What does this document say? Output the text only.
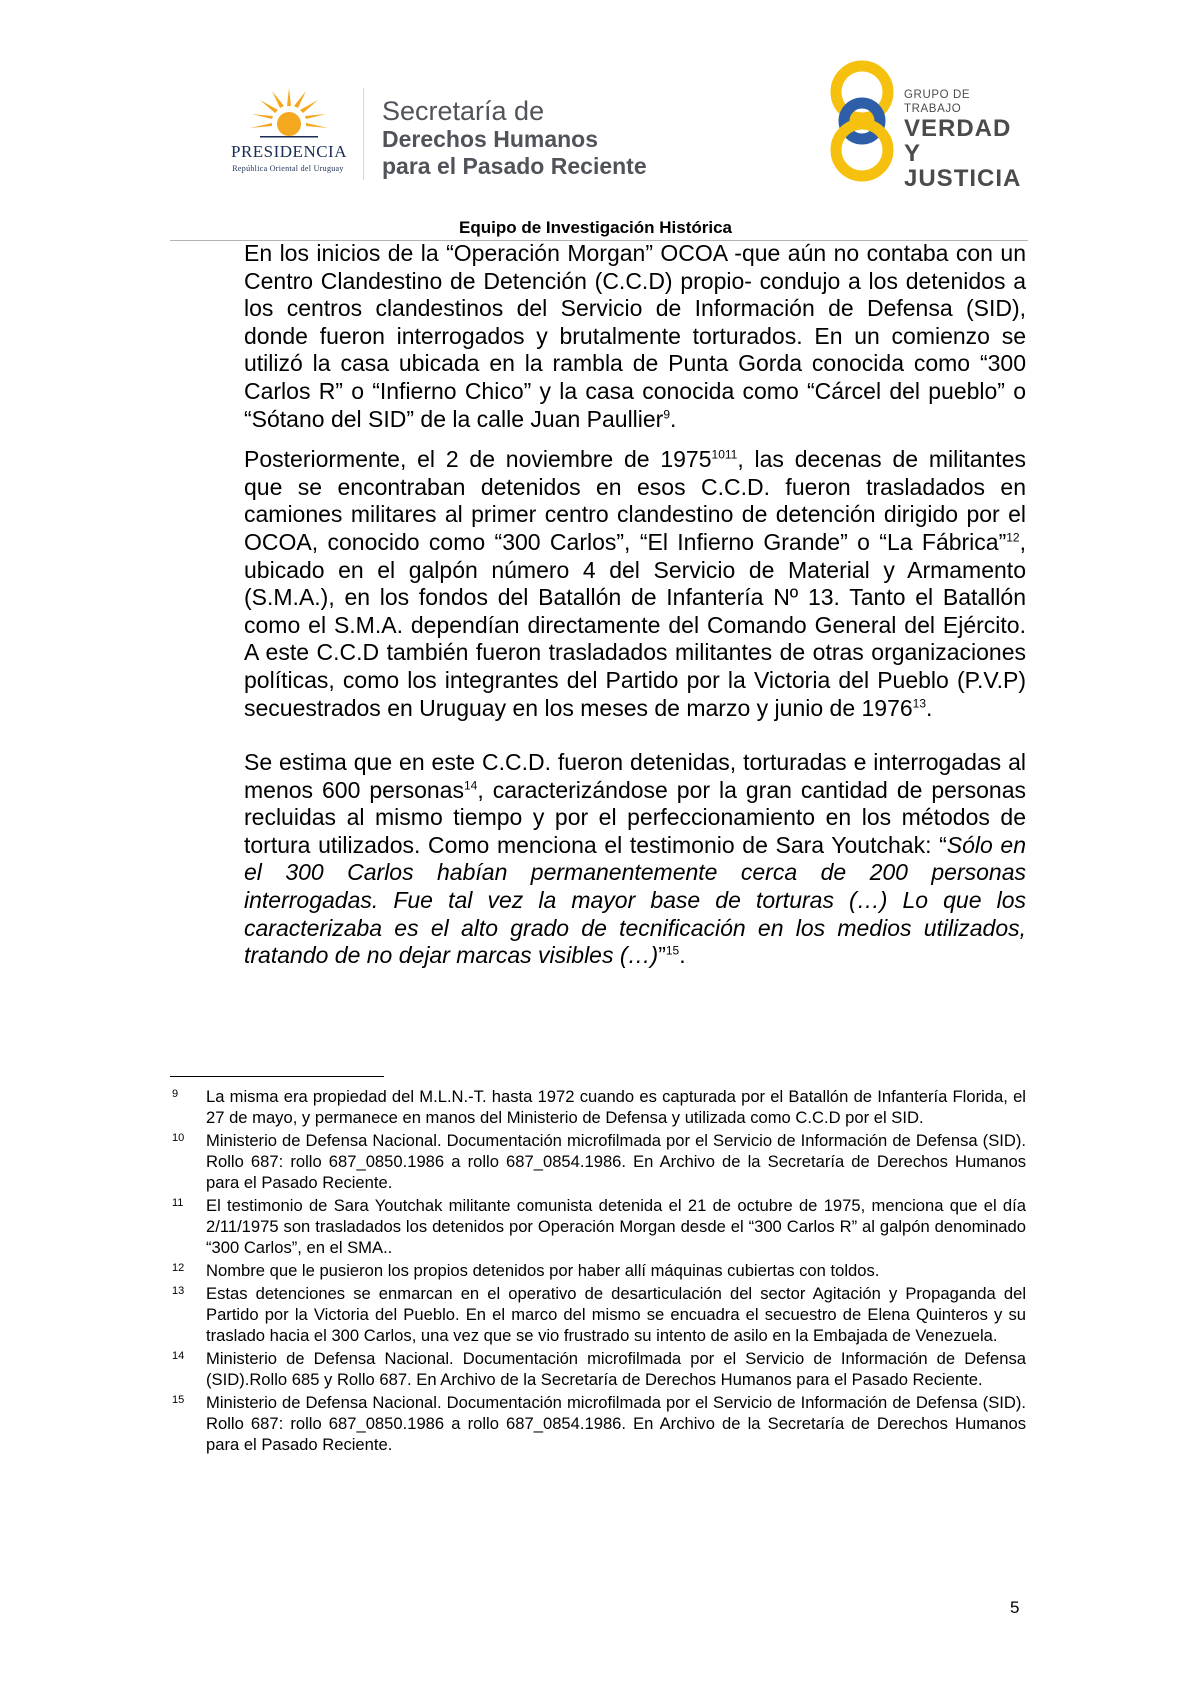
PRESIDENCIA
República Oriental del Uruguay
Secretaría de
Derechos Humanos
para el Pasado Reciente
GRUPO DE TRABAJO
VERDAD Y
JUSTICIA
Equipo de Investigación Histórica

En los inicios de la “Operación Morgan” OCOA -que aún no contaba con un Centro Clandestino de Detención (C.C.D) propio- condujo a los detenidos a los centros clandestinos del Servicio de Información de Defensa (SID), donde fueron interrogados y brutalmente torturados. En un comienzo se utilizó la casa ubicada en la rambla de Punta Gorda conocida como “300 Carlos R” o “Infierno Chico” y la casa conocida como “Cárcel del pueblo” o “Sótano del SID” de la calle Juan Paullier$^9$.

Posteriormente, el 2 de noviembre de $1975^{1011}$, las decenas de militantes que se encontraban detenidos en esos C.C.D. fueron trasladados en camiones militares al primer centro clandestino de detención dirigido por el OCOA, conocido como “300 Carlos”, “El Infierno Grande” o “La Fábrica”$^{12}$, ubicado en el galpón número 4 del Servicio de Material y Armamento (S.M.A.), en los fondos del Batallón de Infantería Nº 13. Tanto el Batallón como el S.M.A. dependían directamente del Comando General del Ejército. A este C.C.D también fueron trasladados militantes de otras organizaciones políticas, como los integrantes del Partido por la Victoria del Pueblo (P.V.P) secuestrados en Uruguay en los meses de marzo y junio de 1976$^{13}$.

Se estima que en este C.C.D. fueron detenidas, torturadas e interrogadas al menos 600 personas$^{14}$, caracterizándose por la gran cantidad de personas recluidas al mismo tiempo y por el perfeccionamiento en los métodos de tortura utilizados. Como menciona el testimonio de Sara Youtchak: “Sólo en el 300 Carlos habían permanentemente cerca de 200 personas interrogadas. Fue tal vez la mayor base de torturas (…) Lo que los caracterizaba es el alto grado de tecnificación en los medios utilizados, tratando de no dejar marcas visibles (…)”$^{15}$.

9 La misma era propiedad del M.L.N.-T. hasta 1972 cuando es capturada por el Batallón de Infantería Florida, el 27 de mayo, y permanece en manos del Ministerio de Defensa y utilizada como C.C.D por el SID.
10 Ministerio de Defensa Nacional. Documentación microfilmada por el Servicio de Información de Defensa (SID). Rollo 687: rollo 687_0850.1986 a rollo 687_0854.1986. En Archivo de la Secretaría de Derechos Humanos para el Pasado Reciente.
11 El testimonio de Sara Youtchak militante comunista detenida el 21 de octubre de 1975, menciona que el día 2/11/1975 son trasladados los detenidos por Operación Morgan desde el “300 Carlos R” al galpón denominado “300 Carlos”, en el SMA..
12 Nombre que le pusieron los propios detenidos por haber allí máquinas cubiertas con toldos.
13 Estas detenciones se enmarcan en el operativo de desarticulación del sector Agitación y Propaganda del Partido por la Victoria del Pueblo. En el marco del mismo se encuadra el secuestro de Elena Quinteros y su traslado hacia el 300 Carlos, una vez que se vio frustrado su intento de asilo en la Embajada de Venezuela.
14 Ministerio de Defensa Nacional. Documentación microfilmada por el Servicio de Información de Defensa (SID).Rollo 685 y Rollo 687. En Archivo de la Secretaría de Derechos Humanos para el Pasado Reciente.
15 Ministerio de Defensa Nacional. Documentación microfilmada por el Servicio de Información de Defensa (SID). Rollo 687: rollo 687_0850.1986 a rollo 687_0854.1986. En Archivo de la Secretaría de Derechos Humanos para el Pasado Reciente.
5
